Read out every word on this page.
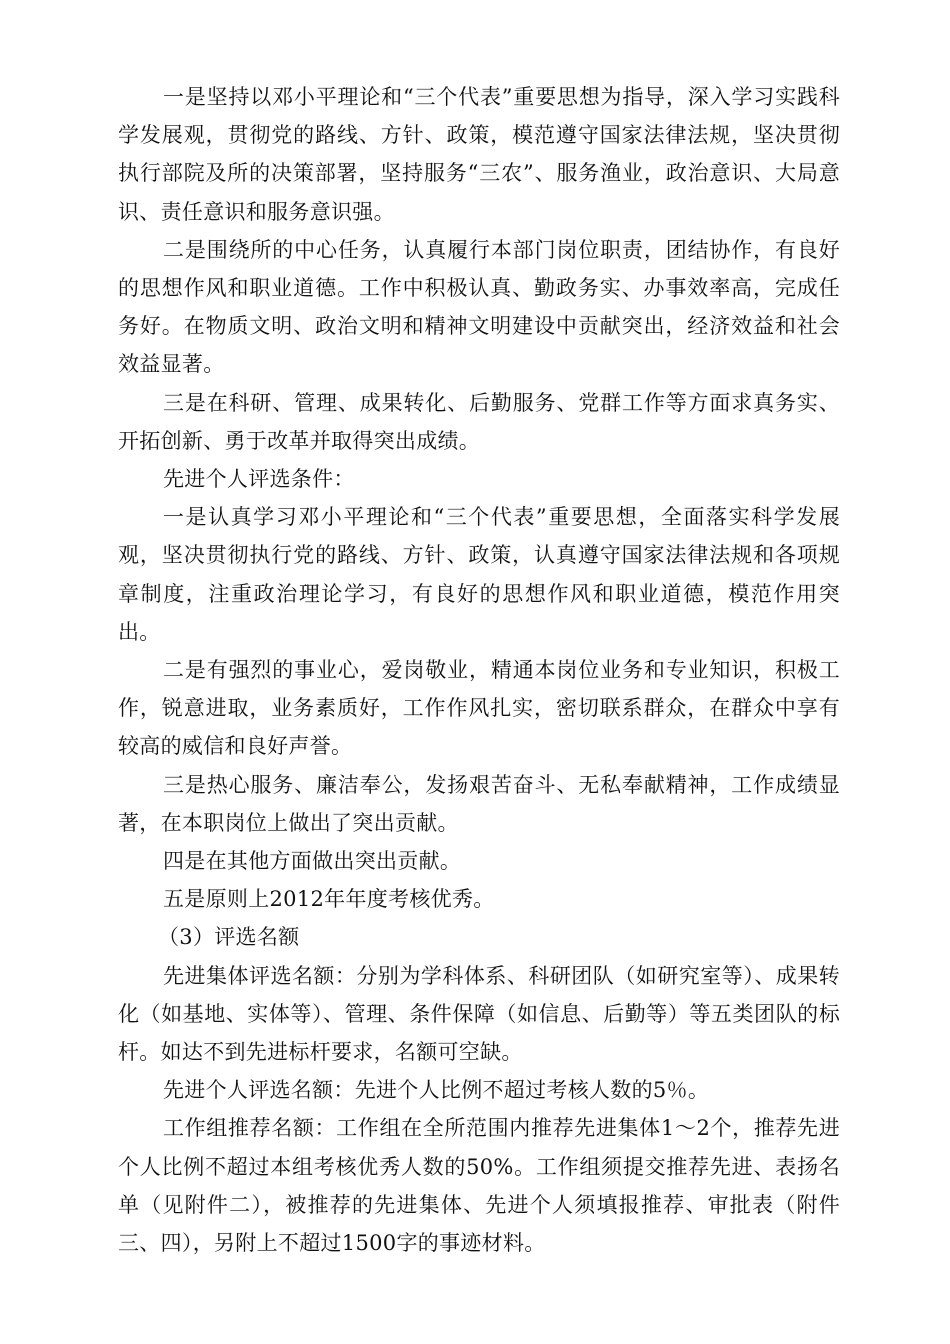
一是坚持以邓小平理论和“三个代表”重要思想为指导，深入学习实践科学发展观，贯彻党的路线、方针、政策，模范遵守国家法律法规，坚决贯彻执行部院及所的决策部署，坚持服务“三农”、服务渔业，政治意识、大局意识、责任意识和服务意识强。

二是围绕所的中心任务，认真履行本部门岗位职责，团结协作，有良好的思想作风和职业道德。工作中积极认真、勤政务实、办事效率高，完成任务好。在物质文明、政治文明和精神文明建设中贡献突出，经济效益和社会效益显著。

三是在科研、管理、成果转化、后勤服务、党群工作等方面求真务实、开拓创新、勇于改革并取得突出成绩。

先进个人评选条件：

一是认真学习邓小平理论和“三个代表”重要思想，全面落实科学发展观，坚决贯彻执行党的路线、方针、政策，认真遵守国家法律法规和各项规章制度，注重政治理论学习，有良好的思想作风和职业道德，模范作用突出。

二是有强烈的事业心，爱岗敬业，精通本岗位业务和专业知识，积极工作，锐意进取，业务素质好，工作作风扎实，密切联系群众，在群众中享有较高的威信和良好声誉。

三是热心服务、廉洁奉公，发扬艰苦奋斗、无私奉献精神，工作成绩显著，在本职岗位上做出了突出贡献。

四是在其他方面做出突出贡献。

五是原则上2012年年度考核优秀。

（3）评选名额

先进集体评选名额：分别为学科体系、科研团队（如研究室等）、成果转化（如基地、实体等）、管理、条件保障（如信息、后勤等）等五类团队的标杆。如达不到先进标杆要求，名额可空缺。

先进个人评选名额：先进个人比例不超过考核人数的5％。

工作组推荐名额：工作组在全所范围内推荐先进集体1～2个，推荐先进个人比例不超过本组考核优秀人数的50%。工作组须提交推荐先进、表扬名单（见附件二），被推荐的先进集体、先进个人须填报推荐、审批表（附件三、四），另附上不超过1500字的事迹材料。
